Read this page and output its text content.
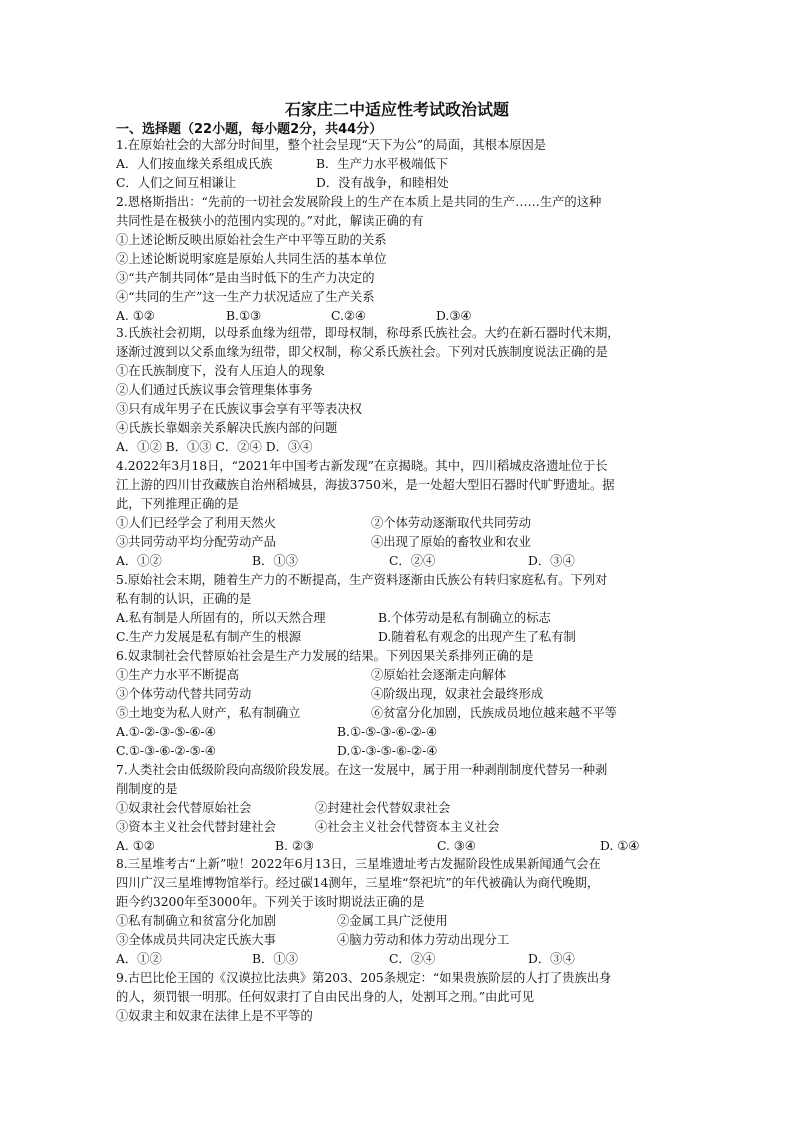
石家庄二中适应性考试政治试题
一、选择题（22小题，每小题2分，共44分）
1.在原始社会的大部分时间里，整个社会呈现“天下为公”的局面，其根本原因是
A．人们按血缘关系组成氏族	B．生产力水平极端低下
C．人们之间互相谦让	D．没有战争，和睦相处
2.恩格斯指出：“先前的一切社会发展阶段上的生产在本质上是共同的生产……生产的这种
共同性是在极狭小的范围内实现的。”对此，解读正确的有
①上述论断反映出原始社会生产中平等互助的关系
②上述论断说明家庭是原始人共同生活的基本单位
③“共产制共同体”是由当时低下的生产力决定的
④“共同的生产”这一生产力状况适应了生产关系
A. ①②	B.①③	C.②④	D.③④
3.氏族社会初期，以母系血缘为纽带，即母权制，称母系氏族社会。大约在新石器时代末期，
逐渐过渡到以父系血缘为纽带，即父权制，称父系氏族社会。下列对氏族制度说法正确的是
①在氏族制度下，没有人压迫人的现象
②人们通过氏族议事会管理集体事务
③只有成年男子在氏族议事会享有平等表决权
④氏族长靠姻亲关系解决氏族内部的问题
A．①② B．①③ C．②④ D．③④
4.2022年3月18日，“2021年中国考古新发现”在京揭晓。其中，四川稻城皮洛遗址位于长
江上游的四川甘孜藏族自治州稻城县，海拔3750米，是一处超大型旧石器时代旷野遗址。据
此，下列推理正确的是
①人们已经学会了利用天然火	②个体劳动逐渐取代共同劳动
③共同劳动平均分配劳动产品	④出现了原始的畜牧业和农业
A．①②	B．①③	C．②④	D．③④
5.原始社会末期，随着生产力的不断提高，生产资料逐渐由氏族公有转归家庭私有。下列对
私有制的认识，正确的是
A.私有制是人所固有的，所以天然合理	B.个体劳动是私有制确立的标志
C.生产力发展是私有制产生的根源	D.随着私有观念的出现产生了私有制
6.奴隶制社会代替原始社会是生产力发展的结果。下列因果关系排列正确的是
①生产力水平不断提高	②原始社会逐渐走向解体
③个体劳动代替共同劳动	④阶级出现，奴隶社会最终形成
⑤土地变为私人财产，私有制确立	⑥贫富分化加剧，氏族成员地位越来越不平等
A.①-②-③-⑤-⑥-④	B.①-⑤-③-⑥-②-④
C.①-③-⑥-②-⑤-④	D.①-③-⑤-⑥-②-④
7.人类社会由低级阶段向高级阶段发展。在这一发展中，属于用一种剥削制度代替另一种剥
削制度的是
①奴隶社会代替原始社会	②封建社会代替奴隶社会
③资本主义社会代替封建社会	④社会主义社会代替资本主义社会
A. ①②	B. ②③	C. ③④	D. ①④
8.三星堆考古“上新”啦！2022年6月13日，三星堆遗址考古发掘阶段性成果新闻通气会在
四川广汉三星堆博物馆举行。经过碳14测年，三星堆“祭祀坑”的年代被确认为商代晚期，
距今约3200年至3000年。下列关于该时期说法正确的是
①私有制确立和贫富分化加剧	②金属工具广泛使用
③全体成员共同决定氏族大事	④脑力劳动和体力劳动出现分工
A．①②	B．①③	C．②④	D．③④
9.古巴比伦王国的《汉谟拉比法典》第203、205条规定：“如果贵族阶层的人打了贵族出身
的人，须罚银一明那。任何奴隶打了自由民出身的人，处割耳之刑。”由此可见
①奴隶主和奴隶在法律上是不平等的
